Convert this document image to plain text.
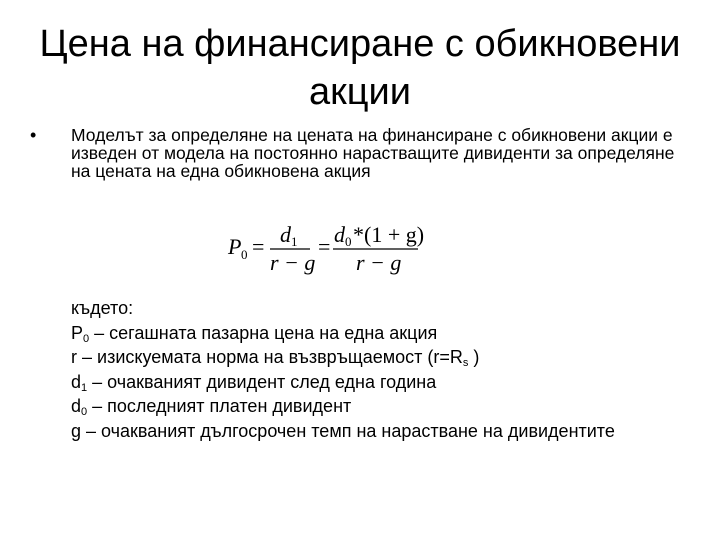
Цена на финансиране с обикновени акции
• Моделът за определяне на цената на финансиране с обикновени акции е изведен от модела на постоянно нарастващите дивиденти за определяне на цената на една обикновена акция
P 0 = d 1
r − g
= d 0 *(1 + g)
r − g
където:
$P_0$ – сегашната пазарна цена на една акция
r – изискуемата норма на възвръщаемост ($r=R_s$ )
$d_1$ – очакваният дивидент след една година
$d_0$ – последният платен дивидент
g – очакваният дългосрочен темп на нарастване на дивидентите
